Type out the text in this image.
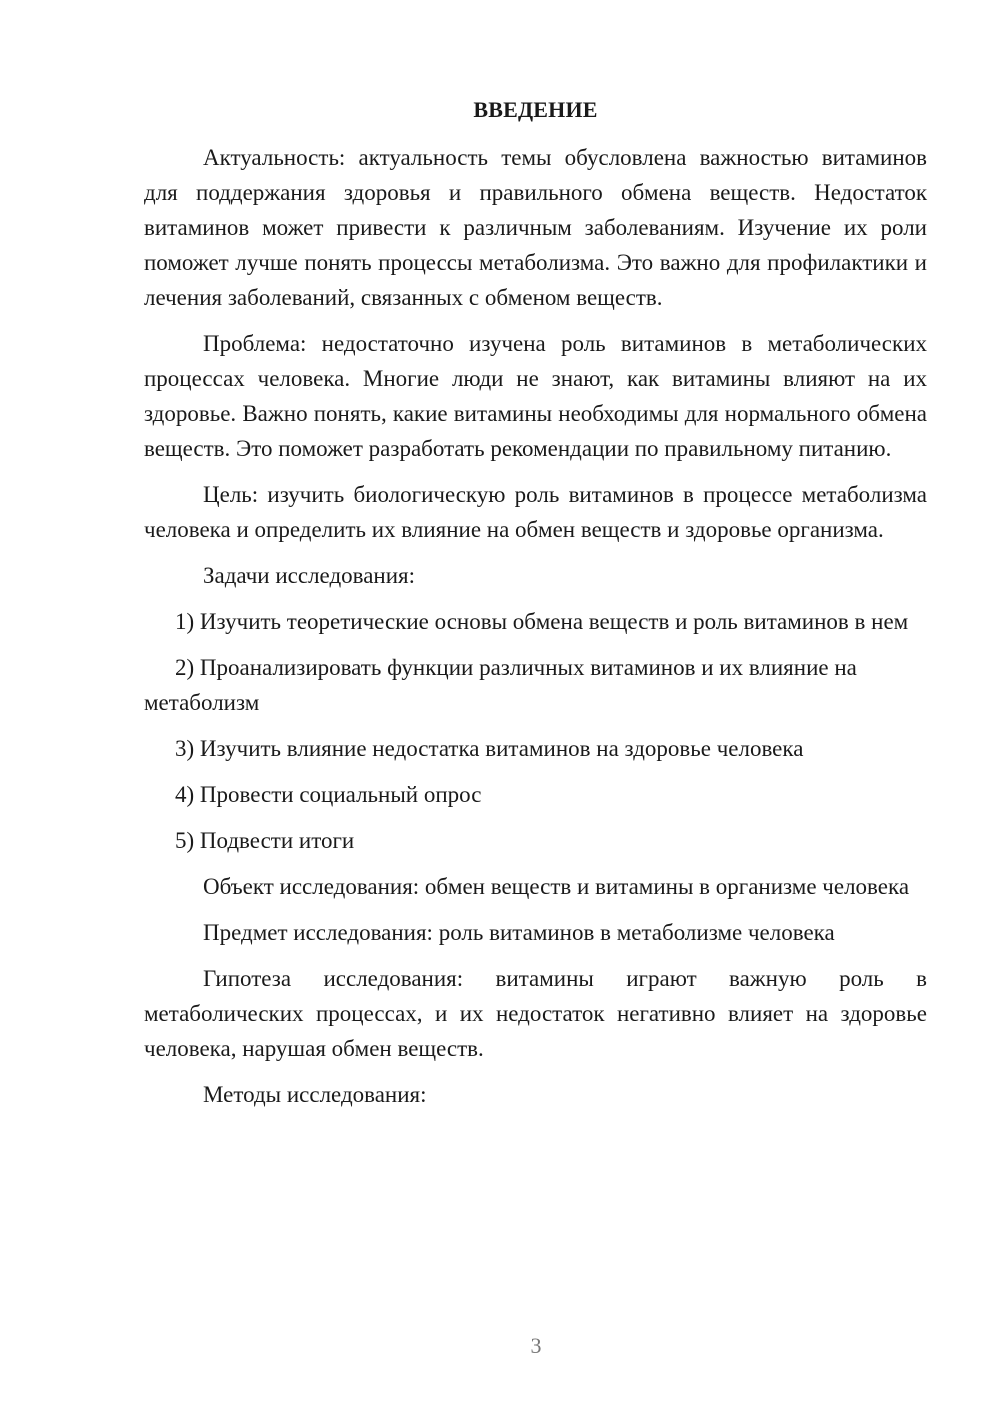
ВВЕДЕНИЕ

Актуальность: актуальность темы обусловлена важностью витаминов для поддержания здоровья и правильного обмена веществ. Недостаток витаминов может привести к различным заболеваниям. Изучение их роли поможет лучше понять процессы метаболизма. Это важно для профилактики и лечения заболеваний, связанных с обменом веществ.

Проблема: недостаточно изучена роль витаминов в метаболических процессах человека. Многие люди не знают, как витамины влияют на их здоровье. Важно понять, какие витамины необходимы для нормального обмена веществ. Это поможет разработать рекомендации по правильному питанию.

Цель: изучить биологическую роль витаминов в процессе метаболизма человека и определить их влияние на обмен веществ и здоровье организма.

Задачи исследования:

1) Изучить теоретические основы обмена веществ и роль витаминов в нем

2) Проанализировать функции различных витаминов и их влияние на метаболизм

3) Изучить влияние недостатка витаминов на здоровье человека

4) Провести социальный опрос

5) Подвести итоги

Объект исследования: обмен веществ и витамины в организме человека

Предмет исследования: роль витаминов в метаболизме человека

Гипотеза исследования: витамины играют важную роль в метаболических процессах, и их недостаток негативно влияет на здоровье человека, нарушая обмен веществ.

Методы исследования:

3
